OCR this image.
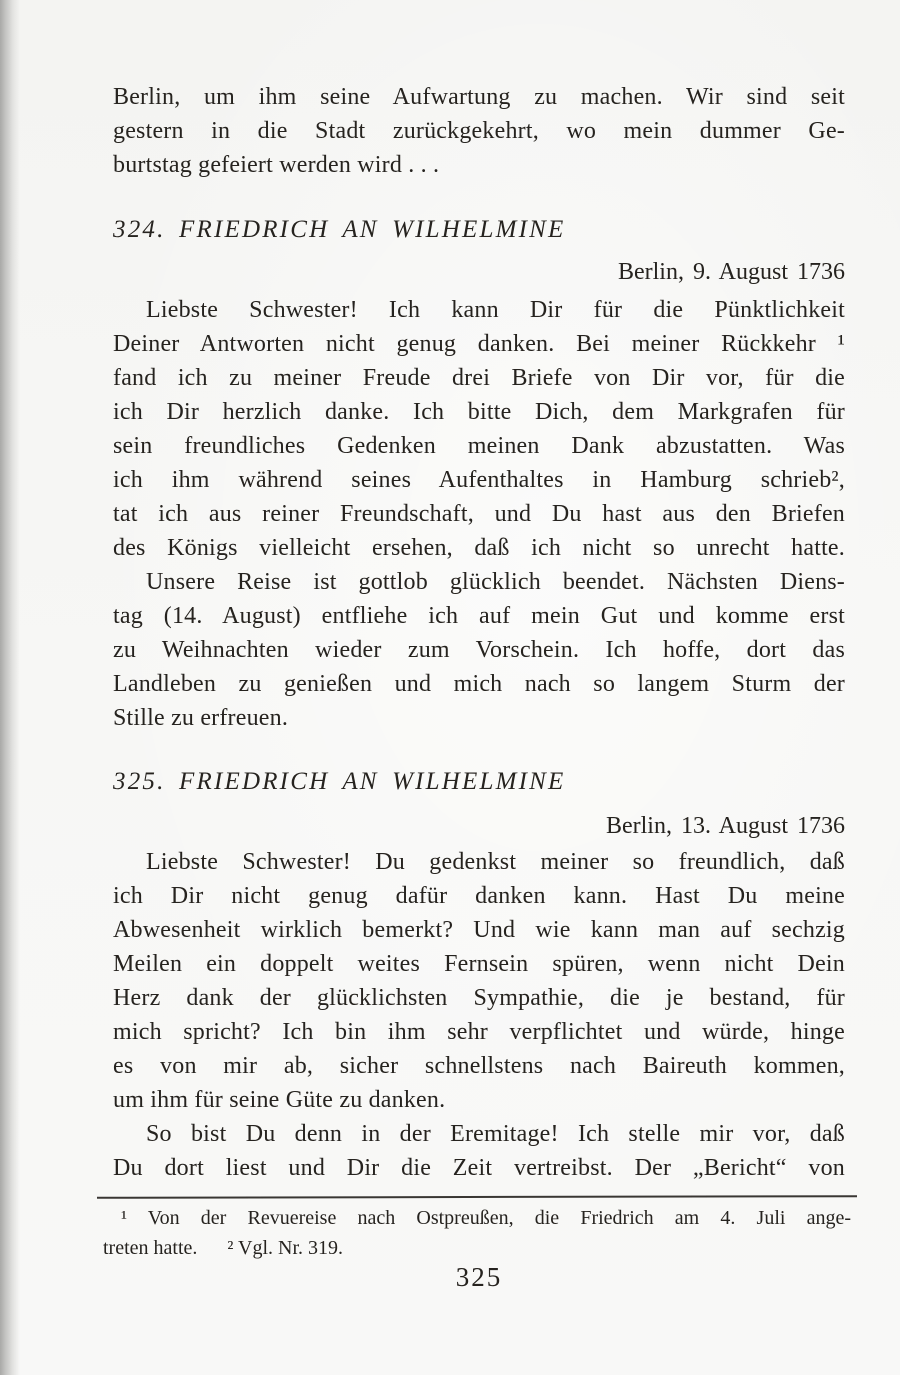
Berlin, um ihm seine Aufwartung zu machen. Wir sind seit
gestern in die Stadt zurückgekehrt, wo mein dummer Ge-
burtstag gefeiert werden wird . . .
324. FRIEDRICH AN WILHELMINE
Berlin, 9. August 1736
Liebste Schwester! Ich kann Dir für die Pünktlichkeit
Deiner Antworten nicht genug danken. Bei meiner Rückkehr ¹
fand ich zu meiner Freude drei Briefe von Dir vor, für die
ich Dir herzlich danke. Ich bitte Dich, dem Markgrafen für
sein freundliches Gedenken meinen Dank abzustatten. Was
ich ihm während seines Aufenthaltes in Hamburg schrieb²,
tat ich aus reiner Freundschaft, und Du hast aus den Briefen
des Königs vielleicht ersehen, daß ich nicht so unrecht hatte.
Unsere Reise ist gottlob glücklich beendet. Nächsten Diens-
tag (14. August) entfliehe ich auf mein Gut und komme erst
zu Weihnachten wieder zum Vorschein. Ich hoffe, dort das
Landleben zu genießen und mich nach so langem Sturm der
Stille zu erfreuen.
325. FRIEDRICH AN WILHELMINE
Berlin, 13. August 1736
Liebste Schwester! Du gedenkst meiner so freundlich, daß
ich Dir nicht genug dafür danken kann. Hast Du meine
Abwesenheit wirklich bemerkt? Und wie kann man auf sechzig
Meilen ein doppelt weites Fernsein spüren, wenn nicht Dein
Herz dank der glücklichsten Sympathie, die je bestand, für
mich spricht? Ich bin ihm sehr verpflichtet und würde, hinge
es von mir ab, sicher schnellstens nach Baireuth kommen,
um ihm für seine Güte zu danken.
So bist Du denn in der Eremitage! Ich stelle mir vor, daß
Du dort liest und Dir die Zeit vertreibst. Der „Bericht“ von
¹ Von der Revuereise nach Ostpreußen, die Friedrich am 4. Juli ange-
treten hatte.      ² Vgl. Nr. 319.
325
